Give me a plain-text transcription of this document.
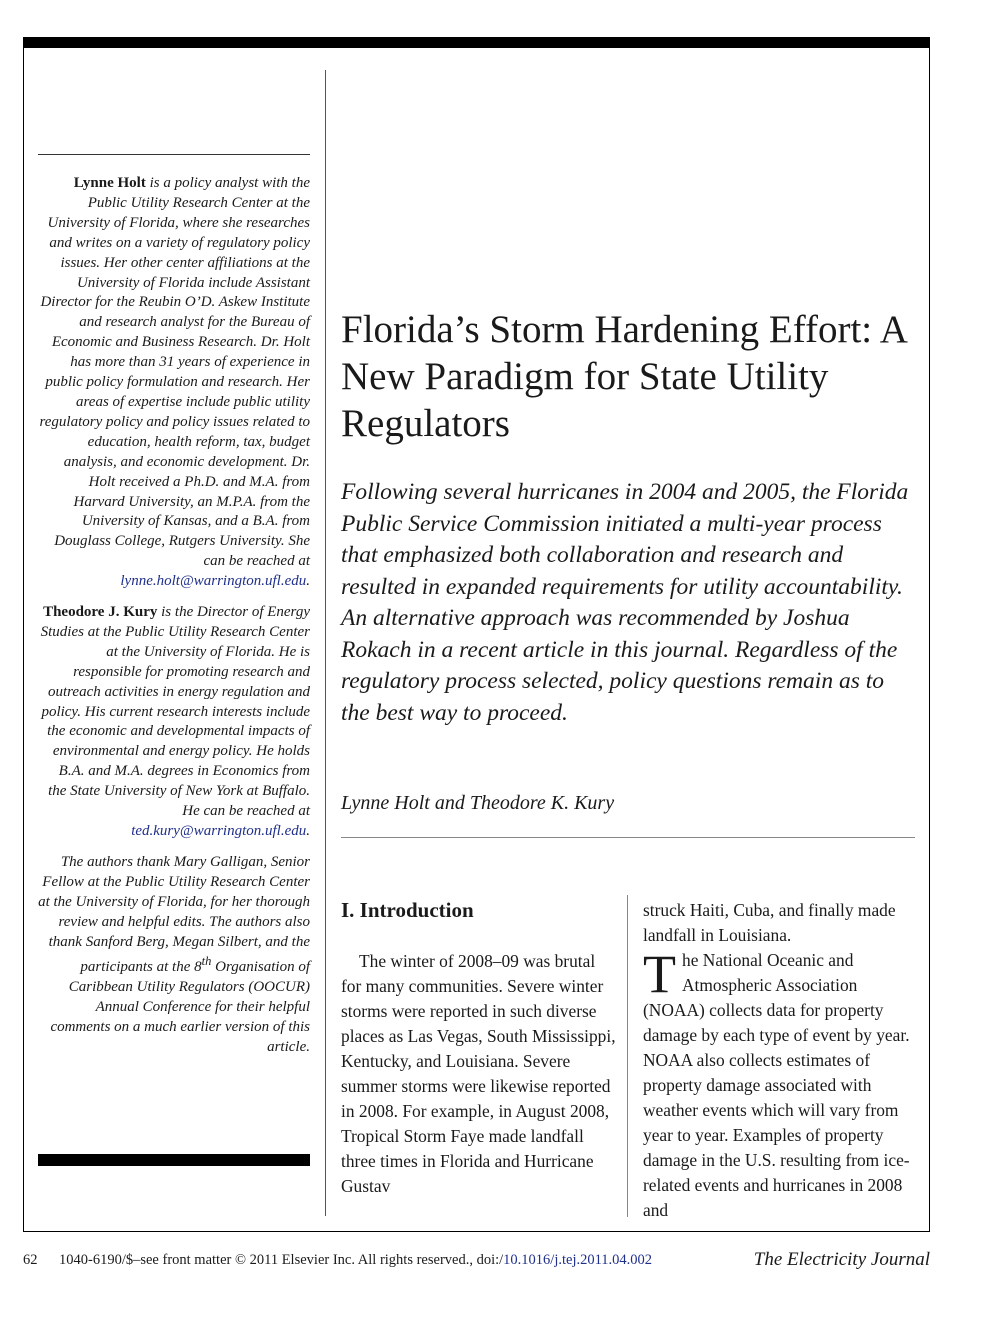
Lynne Holt is a policy analyst with the Public Utility Research Center at the University of Florida, where she researches and writes on a variety of regulatory policy issues. Her other center affiliations at the University of Florida include Assistant Director for the Reubin O’D. Askew Institute and research analyst for the Bureau of Economic and Business Research. Dr. Holt has more than 31 years of experience in public policy formulation and research. Her areas of expertise include public utility regulatory policy and policy issues related to education, health reform, tax, budget analysis, and economic development. Dr. Holt received a Ph.D. and M.A. from Harvard University, an M.P.A. from the University of Kansas, and a B.A. from Douglass College, Rutgers University. She can be reached at lynne.holt@warrington.ufl.edu.

Theodore J. Kury is the Director of Energy Studies at the Public Utility Research Center at the University of Florida. He is responsible for promoting research and outreach activities in energy regulation and policy. His current research interests include the economic and developmental impacts of environmental and energy policy. He holds B.A. and M.A. degrees in Economics from the State University of New York at Buffalo. He can be reached at ted.kury@warrington.ufl.edu.

The authors thank Mary Galligan, Senior Fellow at the Public Utility Research Center at the University of Florida, for her thorough review and helpful edits. The authors also thank Sanford Berg, Megan Silbert, and the participants at the 8th Organisation of Caribbean Utility Regulators (OOCUR) Annual Conference for their helpful comments on a much earlier version of this article.

Florida’s Storm Hardening Effort: A New Paradigm for State Utility Regulators

Following several hurricanes in 2004 and 2005, the Florida Public Service Commission initiated a multi-year process that emphasized both collaboration and research and resulted in expanded requirements for utility accountability. An alternative approach was recommended by Joshua Rokach in a recent article in this journal. Regardless of the regulatory process selected, policy questions remain as to the best way to proceed.

Lynne Holt and Theodore K. Kury

I. Introduction

The winter of 2008–09 was brutal for many communities. Severe winter storms were reported in such diverse places as Las Vegas, South Mississippi, Kentucky, and Louisiana. Severe summer storms were likewise reported in 2008. For example, in August 2008, Tropical Storm Faye made landfall three times in Florida and Hurricane Gustav

struck Haiti, Cuba, and finally made landfall in Louisiana.

The National Oceanic and Atmospheric Association (NOAA) collects data for property damage by each type of event by year. NOAA also collects estimates of property damage associated with weather events which will vary from year to year. Examples of property damage in the U.S. resulting from ice-related events and hurricanes in 2008 and

62 1040-6190/$–see front matter © 2011 Elsevier Inc. All rights reserved., doi:/10.1016/j.tej.2011.04.002	The Electricity Journal
